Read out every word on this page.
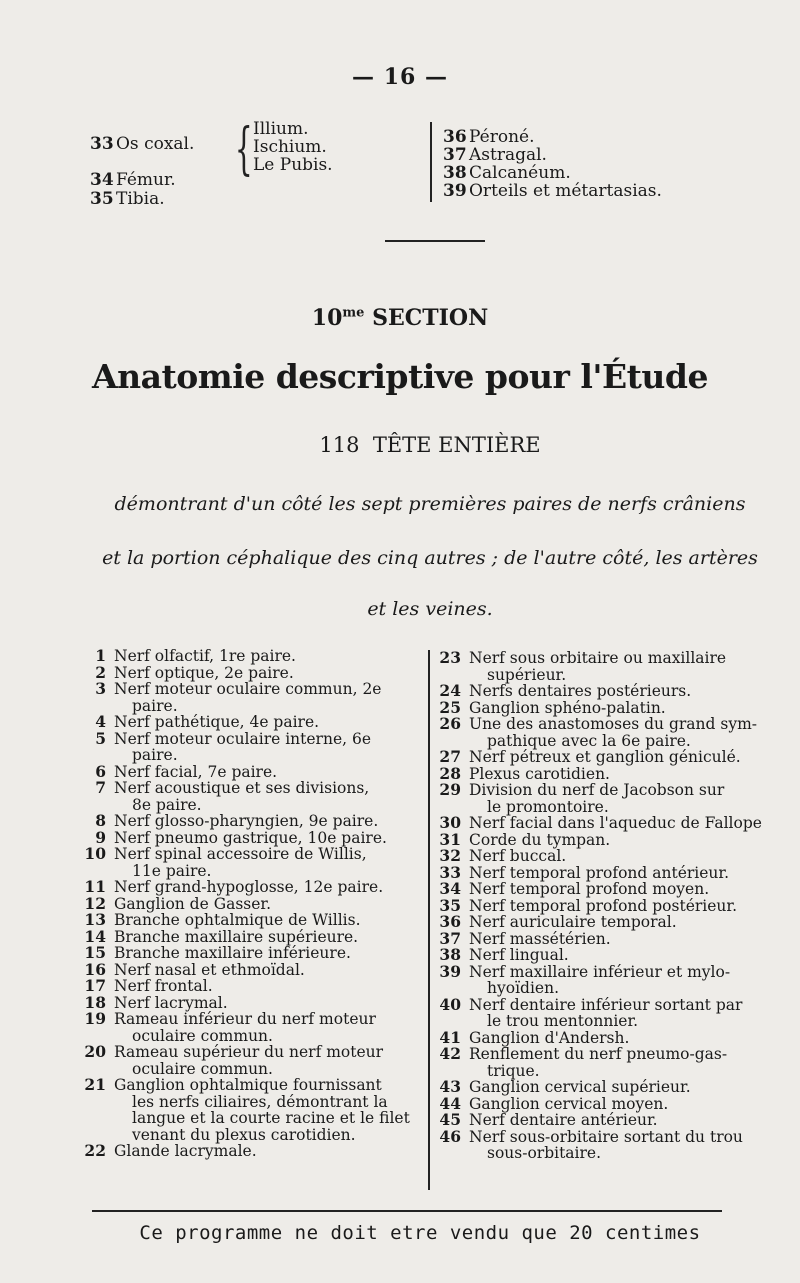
— 16 —
33 Os coxal.
34 Fémur.
35 Tibia.
{ Illium.
Ischium.
Le Pubis.
36 Péroné.
37 Astragal.
38 Calcanéum.
39 Orteils et métartasias.
$10^{me}$ SECTION
Anatomie descriptive pour l'Étude
118 TÊTE ENTIÈRE
démontrant d'un côté les sept premières paires de nerfs crâniens
et la portion céphalique des cinq autres ; de l'autre côté, les artères
et les veines.
1 Nerf olfactif, 1re paire.
2 Nerf optique, 2e paire.
3 Nerf moteur oculaire commun, 2e
paire.
4 Nerf pathétique, 4e paire.
5 Nerf moteur oculaire interne, 6e
paire.
6 Nerf facial, 7e paire.
7 Nerf acoustique et ses divisions,
8e paire.
8 Nerf glosso-pharyngien, 9e paire.
9 Nerf pneumo gastrique, 10e paire.
10 Nerf spinal accessoire de Willis,
11e paire.
11 Nerf grand-hypoglosse, 12e paire.
12 Ganglion de Gasser.
13 Branche ophtalmique de Willis.
14 Branche maxillaire supérieure.
15 Branche maxillaire inférieure.
16 Nerf nasal et ethmoïdal.
17 Nerf frontal.
18 Nerf lacrymal.
19 Rameau inférieur du nerf moteur
oculaire commun.
20 Rameau supérieur du nerf moteur
oculaire commun.
21 Ganglion ophtalmique fournissant
les nerfs ciliaires, démontrant la langue et la courte racine et le filet venant du plexus carotidien.
22 Glande lacrymale.
23 Nerf sous orbitaire ou maxillaire
supérieur.
24 Nerfs dentaires postérieurs.
25 Ganglion sphéno-palatin.
26 Une des anastomoses du grand sym-
pathique avec la 6e paire.
27 Nerf pétreux et ganglion géniculé.
28 Plexus carotidien.
29 Division du nerf de Jacobson sur
le promontoire.
30 Nerf facial dans l'aqueduc de Fallope
31 Corde du tympan.
32 Nerf buccal.
33 Nerf temporal profond antérieur.
34 Nerf temporal profond moyen.
35 Nerf temporal profond postérieur.
36 Nerf auriculaire temporal.
37 Nerf massétérien.
38 Nerf lingual.
39 Nerf maxillaire inférieur et mylo-
hyoïdien.
40 Nerf dentaire inférieur sortant par
le trou mentonnier.
41 Ganglion d'Andersh.
42 Renflement du nerf pneumo-gas-
trique.
43 Ganglion cervical supérieur.
44 Ganglion cervical moyen.
45 Nerf dentaire antérieur.
46 Nerf sous-orbitaire sortant du trou
sous-orbitaire.
Ce programme ne doit etre vendu que 20 centimes
